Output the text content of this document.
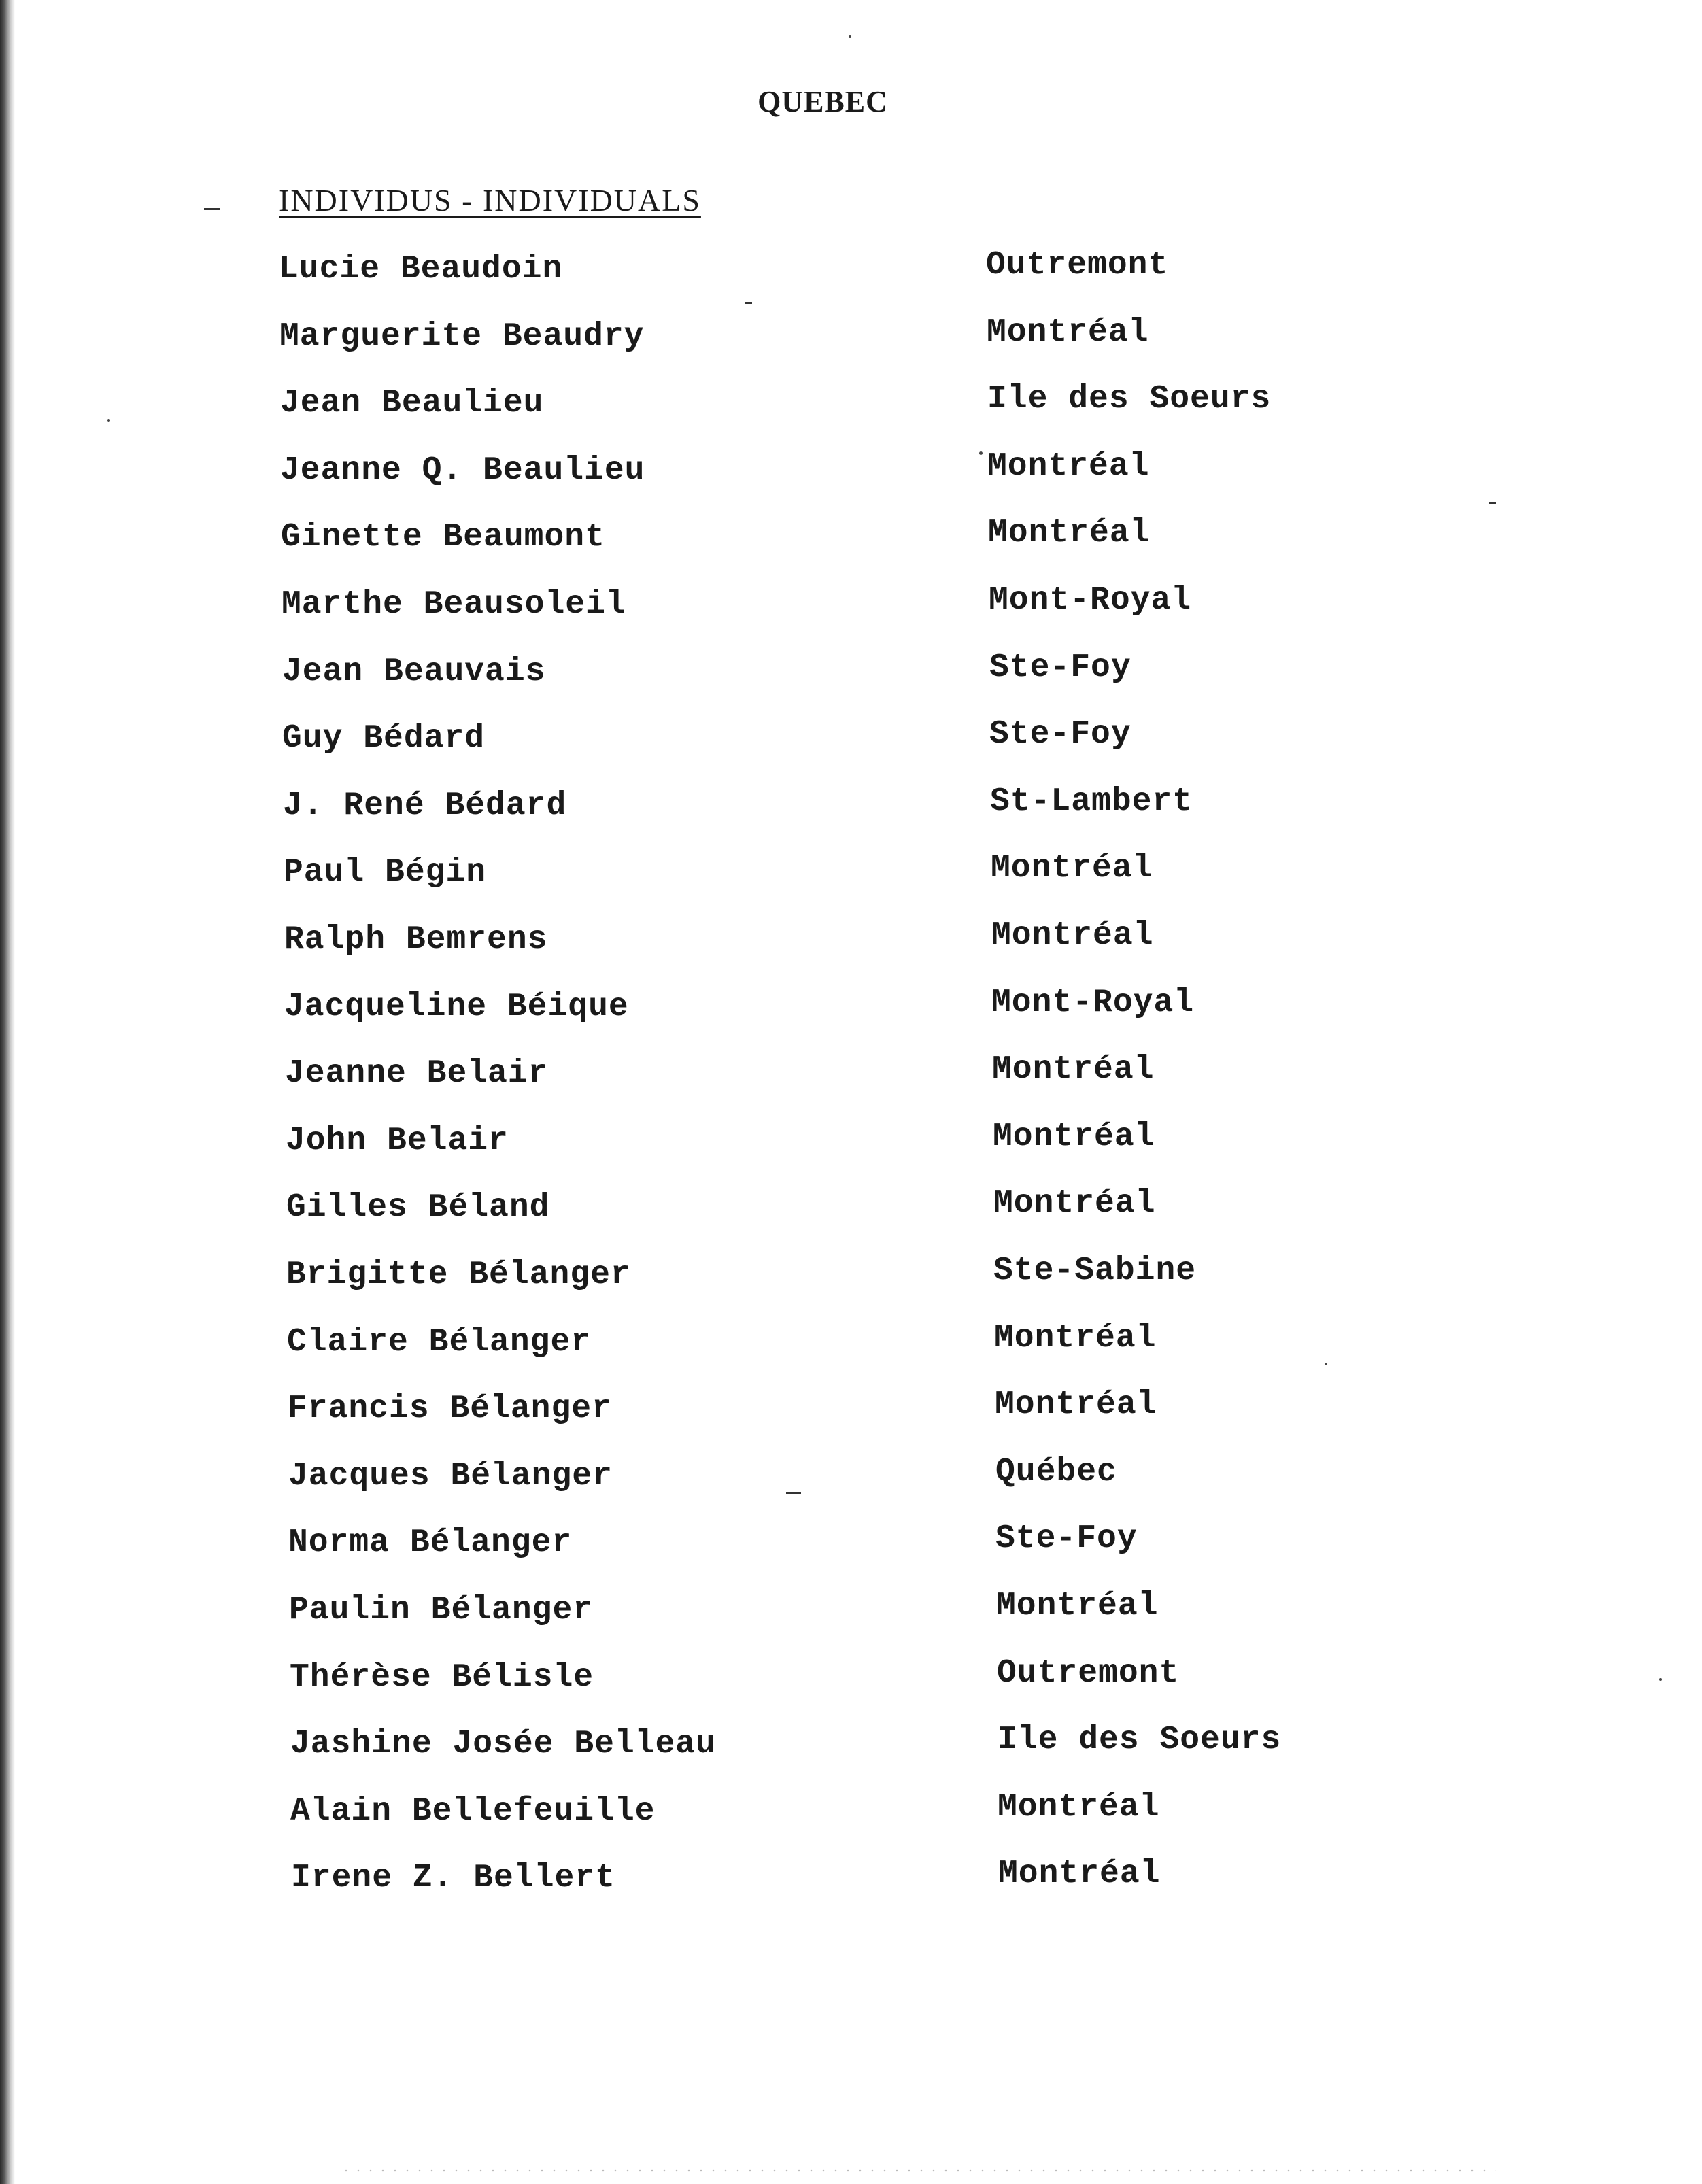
QUEBEC
INDIVIDUS - INDIVIDUALS
Lucie Beaudoin	Outremont
Marguerite Beaudry	Montréal
Jean Beaulieu	Ile des Soeurs
Jeanne Q. Beaulieu	Montréal
Ginette Beaumont	Montréal
Marthe Beausoleil	Mont-Royal
Jean Beauvais	Ste-Foy
Guy Bédard	Ste-Foy
J. René Bédard	St-Lambert
Paul Bégin	Montréal
Ralph Bemrens	Montréal
Jacqueline Béique	Mont-Royal
Jeanne Belair	Montréal
John Belair	Montréal
Gilles Béland	Montréal
Brigitte Bélanger	Ste-Sabine
Claire Bélanger	Montréal
Francis Bélanger	Montréal
Jacques Bélanger	Québec
Norma Bélanger	Ste-Foy
Paulin Bélanger	Montréal
Thérèse Bélisle	Outremont
Jashine Josée Belleau	Ile des Soeurs
Alain Bellefeuille	Montréal
Irene Z. Bellert	Montréal
